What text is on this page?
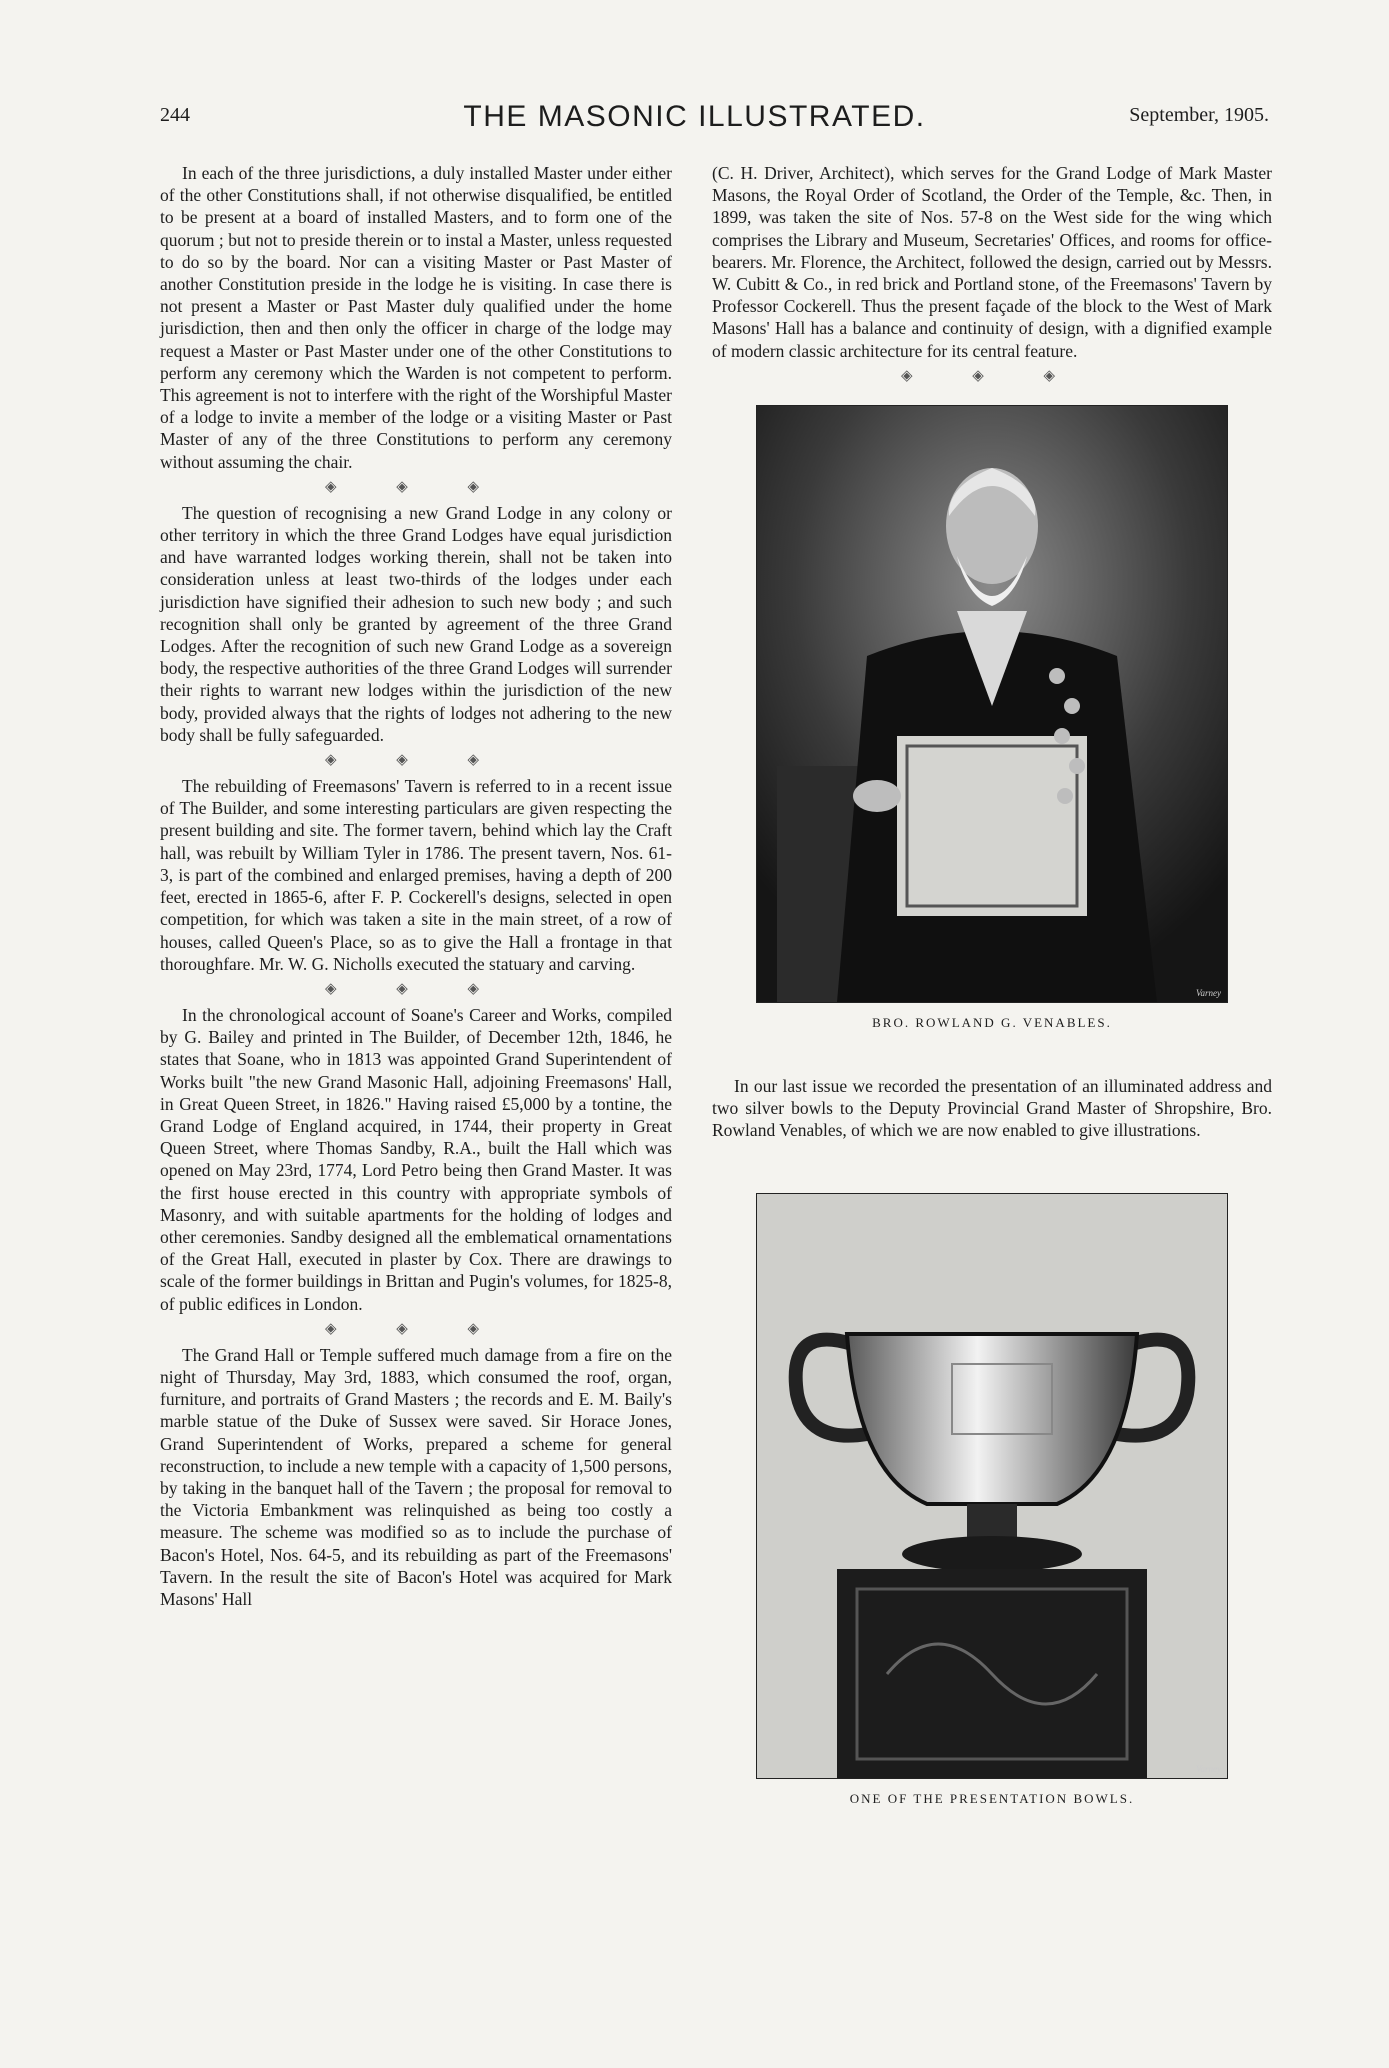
244	THE MASONIC ILLUSTRATED.	September, 1905.

In each of the three jurisdictions, a duly installed Master under either of the other Constitutions shall, if not otherwise disqualified, be entitled to be present at a board of installed Masters, and to form one of the quorum ; but not to preside therein or to instal a Master, unless requested to do so by the board. Nor can a visiting Master or Past Master of another Constitution preside in the lodge he is visiting. In case there is not present a Master or Past Master duly qualified under the home jurisdiction, then and then only the officer in charge of the lodge may request a Master or Past Master under one of the other Constitutions to perform any ceremony which the Warden is not competent to perform. This agreement is not to interfere with the right of the Worshipful Master of a lodge to invite a member of the lodge or a visiting Master or Past Master of any of the three Constitutions to perform any ceremony without assuming the chair.

◈ ◈ ◈

The question of recognising a new Grand Lodge in any colony or other territory in which the three Grand Lodges have equal jurisdiction and have warranted lodges working therein, shall not be taken into consideration unless at least two-thirds of the lodges under each jurisdiction have signified their adhesion to such new body ; and such recognition shall only be granted by agreement of the three Grand Lodges. After the recognition of such new Grand Lodge as a sovereign body, the respective authorities of the three Grand Lodges will surrender their rights to warrant new lodges within the jurisdiction of the new body, provided always that the rights of lodges not adhering to the new body shall be fully safeguarded.

◈ ◈ ◈

The rebuilding of Freemasons' Tavern is referred to in a recent issue of The Builder, and some interesting particulars are given respecting the present building and site. The former tavern, behind which lay the Craft hall, was rebuilt by William Tyler in 1786. The present tavern, Nos. 61-3, is part of the combined and enlarged premises, having a depth of 200 feet, erected in 1865-6, after F. P. Cockerell's designs, selected in open competition, for which was taken a site in the main street, of a row of houses, called Queen's Place, so as to give the Hall a frontage in that thoroughfare. Mr. W. G. Nicholls executed the statuary and carving.

◈ ◈ ◈

In the chronological account of Soane's Career and Works, compiled by G. Bailey and printed in The Builder, of December 12th, 1846, he states that Soane, who in 1813 was appointed Grand Superintendent of Works built "the new Grand Masonic Hall, adjoining Freemasons' Hall, in Great Queen Street, in 1826." Having raised £5,000 by a tontine, the Grand Lodge of England acquired, in 1744, their property in Great Queen Street, where Thomas Sandby, R.A., built the Hall which was opened on May 23rd, 1774, Lord Petro being then Grand Master. It was the first house erected in this country with appropriate symbols of Masonry, and with suitable apartments for the holding of lodges and other ceremonies. Sandby designed all the emblematical ornamentations of the Great Hall, executed in plaster by Cox. There are drawings to scale of the former buildings in Brittan and Pugin's volumes, for 1825-8, of public edifices in London.

◈ ◈ ◈

The Grand Hall or Temple suffered much damage from a fire on the night of Thursday, May 3rd, 1883, which consumed the roof, organ, furniture, and portraits of Grand Masters ; the records and E. M. Baily's marble statue of the Duke of Sussex were saved. Sir Horace Jones, Grand Superintendent of Works, prepared a scheme for general reconstruction, to include a new temple with a capacity of 1,500 persons, by taking in the banquet hall of the Tavern ; the proposal for removal to the Victoria Embankment was relinquished as being too costly a measure. The scheme was modified so as to include the purchase of Bacon's Hotel, Nos. 64-5, and its rebuilding as part of the Freemasons' Tavern. In the result the site of Bacon's Hotel was acquired for Mark Masons' Hall

(C. H. Driver, Architect), which serves for the Grand Lodge of Mark Master Masons, the Royal Order of Scotland, the Order of the Temple, &c. Then, in 1899, was taken the site of Nos. 57-8 on the West side for the wing which comprises the Library and Museum, Secretaries' Offices, and rooms for office-bearers. Mr. Florence, the Architect, followed the design, carried out by Messrs. W. Cubitt & Co., in red brick and Portland stone, of the Freemasons' Tavern by Professor Cockerell. Thus the present façade of the block to the West of Mark Masons' Hall has a balance and continuity of design, with a dignified example of modern classic architecture for its central feature.

◈ ◈ ◈
Varney
BRO. ROWLAND G. VENABLES.

In our last issue we recorded the presentation of an illuminated address and two silver bowls to the Deputy Provincial Grand Master of Shropshire, Bro. Rowland Venables, of which we are now enabled to give illustrations.

Varney
ONE OF THE PRESENTATION BOWLS.
